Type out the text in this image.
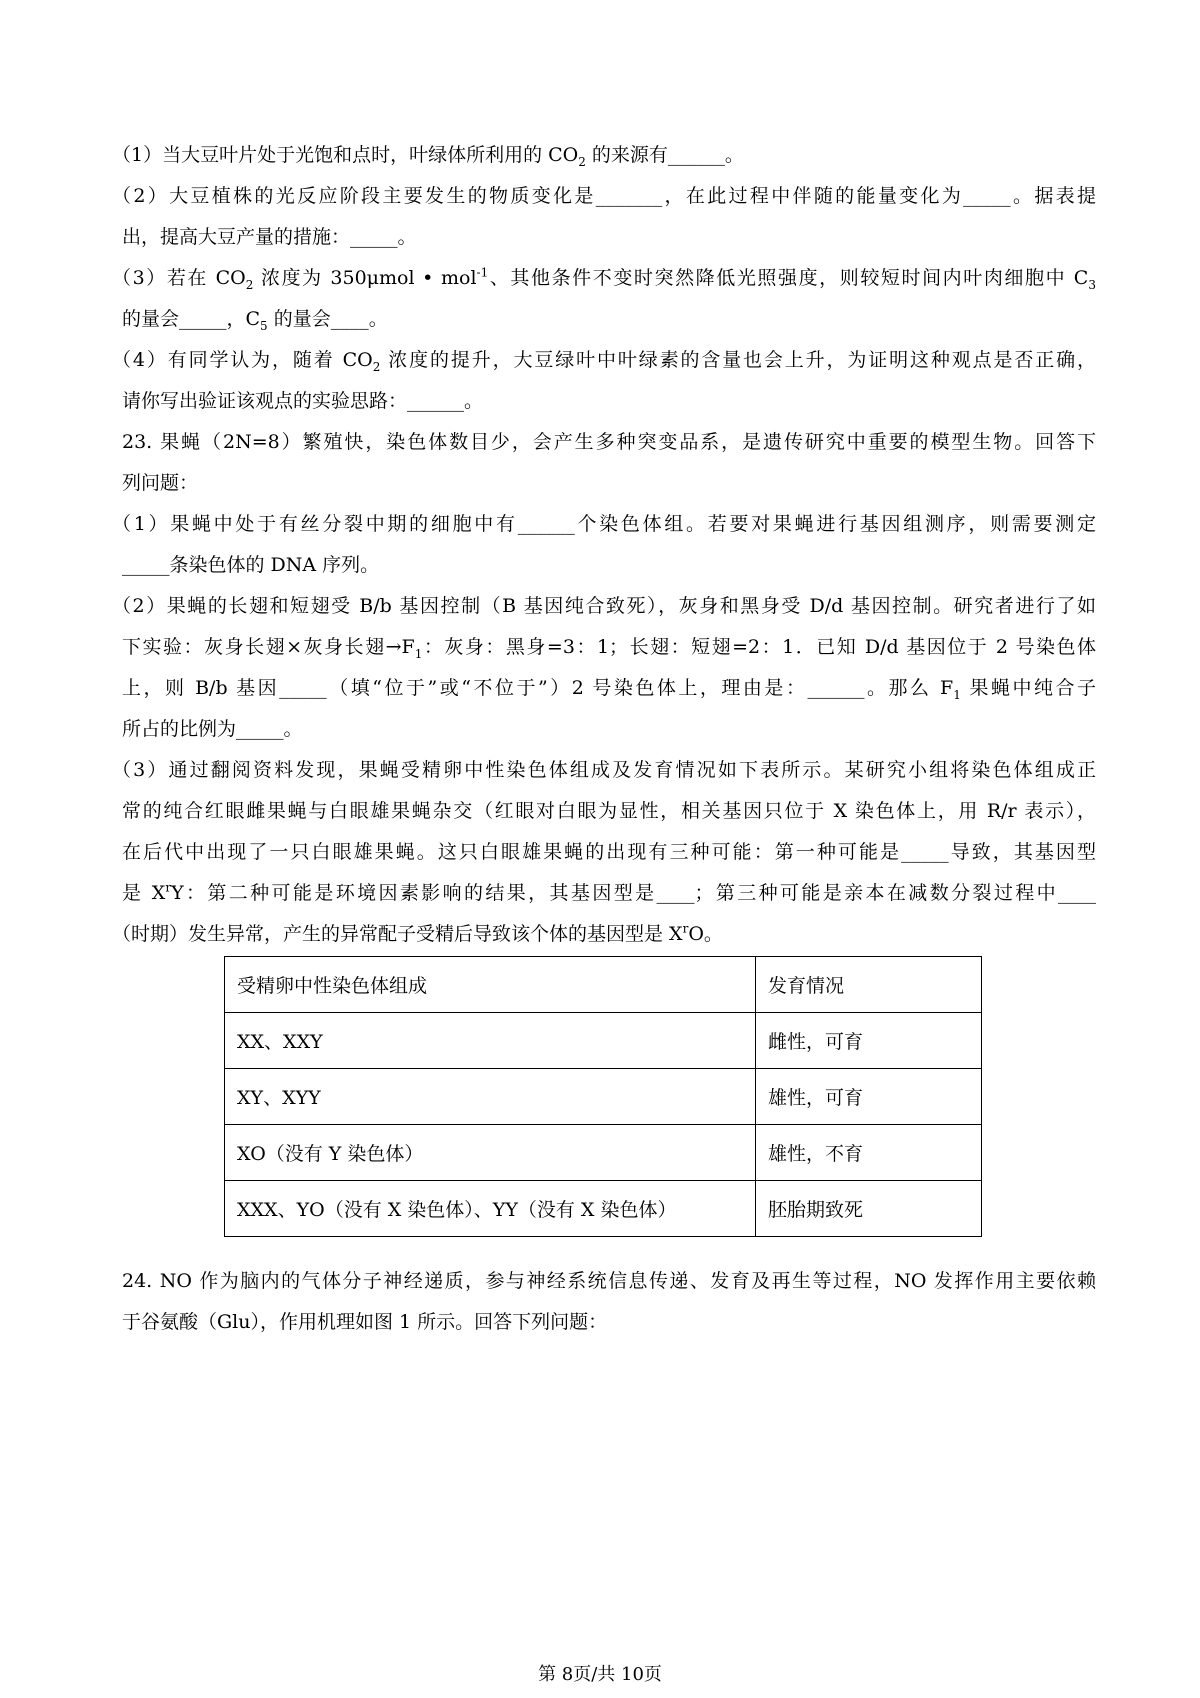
（1）当大豆叶片处于光饱和点时，叶绿体所利用的 $CO_2$ 的来源有______。
（2）大豆植株的光反应阶段主要发生的物质变化是_______，在此过程中伴随的能量变化为_____。据表提
出，提高大豆产量的措施：_____。
（3）若在 $CO_2$ 浓度为 350μmol • mol$^{-1}$、其他条件不变时突然降低光照强度，则较短时间内叶肉细胞中 $C_3$
的量会_____，$C_5$ 的量会____。
（4）有同学认为，随着 $CO_2$ 浓度的提升，大豆绿叶中叶绿素的含量也会上升，为证明这种观点是否正确，
请你写出验证该观点的实验思路：______。
23. 果蝇（2N=8）繁殖快，染色体数目少，会产生多种突变品系，是遗传研究中重要的模型生物。回答下
列问题：
（1）果蝇中处于有丝分裂中期的细胞中有______个染色体组。若要对果蝇进行基因组测序，则需要测定
_____条染色体的 DNA 序列。
（2）果蝇的长翅和短翅受 B/b 基因控制（B 基因纯合致死），灰身和黑身受 D/d 基因控制。研究者进行了如
下实验：灰身长翅×灰身长翅$\to F_1$：灰身：黑身=3：1；长翅：短翅=2：1．已知 D/d 基因位于 2 号染色体
上，则 B/b 基因_____（填“位于”或“不位于”）2 号染色体上，理由是：______。那么 $F_1$ 果蝇中纯合子
所占的比例为_____。
（3）通过翻阅资料发现，果蝇受精卵中性染色体组成及发育情况如下表所示。某研究小组将染色体组成正
常的纯合红眼雌果蝇与白眼雄果蝇杂交（红眼对白眼为显性，相关基因只位于 X 染色体上，用 R/r 表示），
在后代中出现了一只白眼雄果蝇。这只白眼雄果蝇的出现有三种可能：第一种可能是_____导致，其基因型
是 $X^rY$：第二种可能是环境因素影响的结果，其基因型是____；第三种可能是亲本在减数分裂过程中____
（时期）发生异常，产生的异常配子受精后导致该个体的基因型是 $X^rO$。
受精卵中性染色体组成	发育情况
XX、XXY	雌性，可育
XY、XYY	雄性，可育
XO（没有 Y 染色体）	雄性，不育
XXX、YO（没有 X 染色体）、YY（没有 X 染色体）	胚胎期致死
24. NO 作为脑内的气体分子神经递质，参与神经系统信息传递、发育及再生等过程，NO 发挥作用主要依赖
于谷氨酸（Glu），作用机理如图 1 所示。回答下列问题：
第 8页/共 10页
